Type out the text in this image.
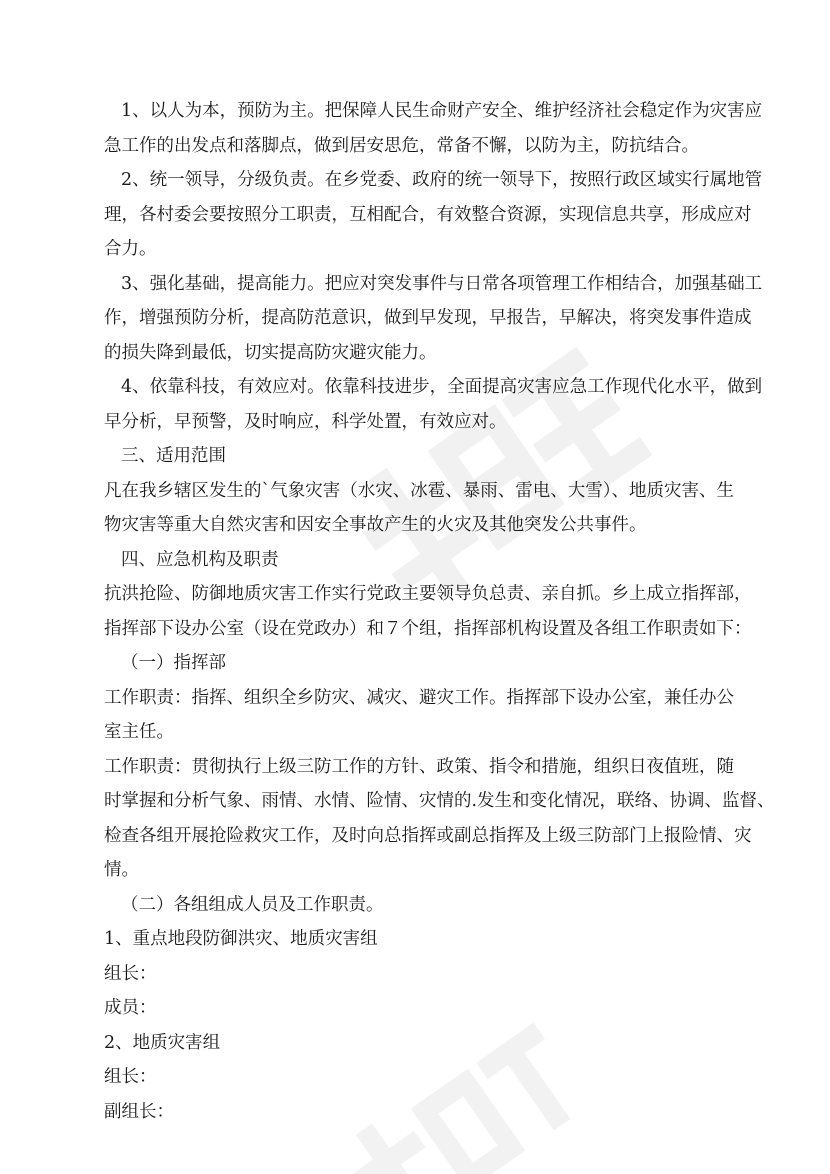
1、以人为本，预防为主。把保障人民生命财产安全、维护经济社会稳定作为灾害应
急工作的出发点和落脚点，做到居安思危，常备不懈，以防为主，防抗结合。
2、统一领导，分级负责。在乡党委、政府的统一领导下，按照行政区域实行属地管
理，各村委会要按照分工职责，互相配合，有效整合资源，实现信息共享，形成应对
合力。
3、强化基础，提高能力。把应对突发事件与日常各项管理工作相结合，加强基础工
作，增强预防分析，提高防范意识，做到早发现，早报告，早解决，将突发事件造成
的损失降到最低，切实提高防灾避灾能力。
4、依靠科技，有效应对。依靠科技进步，全面提高灾害应急工作现代化水平，做到
早分析，早预警，及时响应，科学处置，有效应对。
三、适用范围
凡在我乡辖区发生的`气象灾害（水灾、冰雹、暴雨、雷电、大雪）、地质灾害、生
物灾害等重大自然灾害和因安全事故产生的火灾及其他突发公共事件。
四、应急机构及职责
抗洪抢险、防御地质灾害工作实行党政主要领导负总责、亲自抓。乡上成立指挥部，
指挥部下设办公室（设在党政办）和７个组，指挥部机构设置及各组工作职责如下：
（一）指挥部
工作职责：指挥、组织全乡防灾、减灾、避灾工作。指挥部下设办公室，兼任办公
室主任。
工作职责：贯彻执行上级三防工作的方针、政策、指令和措施，组织日夜值班，随
时掌握和分析气象、雨情、水情、险情、灾情的.发生和变化情况，联络、协调、监督、
检查各组开展抢险救灾工作，及时向总指挥或副总指挥及上级三防部门上报险情、灾
情。
（二）各组组成人员及工作职责。
1、重点地段防御洪灾、地质灾害组
组长：
成员：
2、地质灾害组
组长：
副组长：
